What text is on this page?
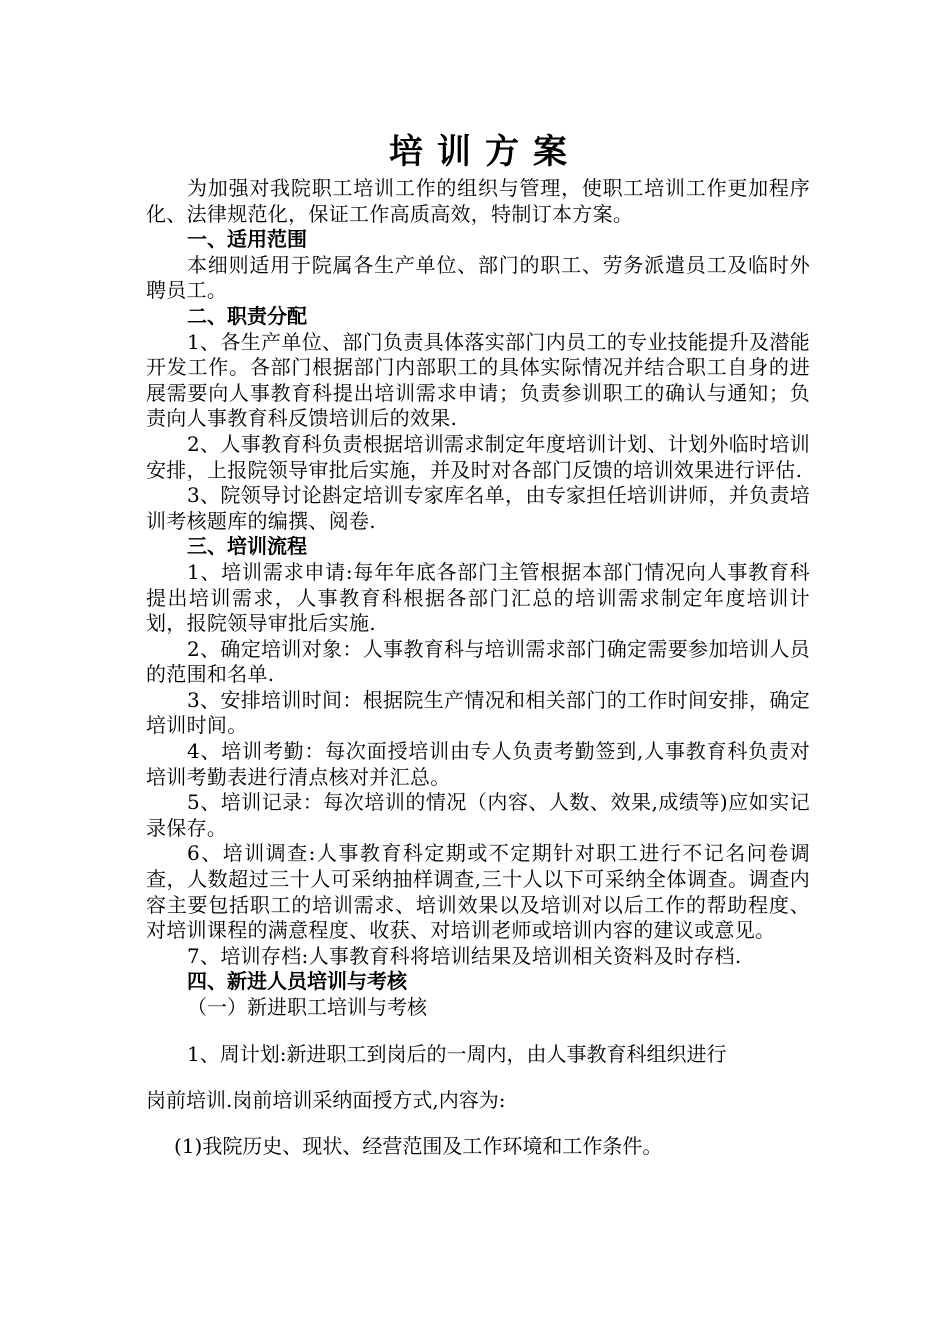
培训方案

为加强对我院职工培训工作的组织与管理，使职工培训工作更加程序化、法律规范化，保证工作高质高效，特制订本方案。

一、适用范围

本细则适用于院属各生产单位、部门的职工、劳务派遣员工及临时外聘员工。

二、职责分配

1、各生产单位、部门负责具体落实部门内员工的专业技能提升及潜能开发工作。各部门根据部门内部职工的具体实际情况并结合职工自身的进展需要向人事教育科提出培训需求申请；负责参训职工的确认与通知；负责向人事教育科反馈培训后的效果.

2、人事教育科负责根据培训需求制定年度培训计划、计划外临时培训安排，上报院领导审批后实施，并及时对各部门反馈的培训效果进行评估.

3、院领导讨论斟定培训专家库名单，由专家担任培训讲师，并负责培训考核题库的编撰、阅卷.

三、培训流程

1、培训需求申请:每年年底各部门主管根据本部门情况向人事教育科提出培训需求，人事教育科根据各部门汇总的培训需求制定年度培训计划，报院领导审批后实施.

2、确定培训对象：人事教育科与培训需求部门确定需要参加培训人员的范围和名单.

3、安排培训时间：根据院生产情况和相关部门的工作时间安排，确定培训时间。

4、培训考勤：每次面授培训由专人负责考勤签到,人事教育科负责对培训考勤表进行清点核对并汇总。

5、培训记录：每次培训的情况（内容、人数、效果,成绩等)应如实记录保存。

6、培训调查:人事教育科定期或不定期针对职工进行不记名问卷调查，人数超过三十人可采纳抽样调查,三十人以下可采纳全体调查。调查内容主要包括职工的培训需求、培训效果以及培训对以后工作的帮助程度、对培训课程的满意程度、收获、对培训老师或培训内容的建议或意见。

7、培训存档:人事教育科将培训结果及培训相关资料及时存档.

四、新进人员培训与考核

（一）新进职工培训与考核

1、周计划:新进职工到岗后的一周内，由人事教育科组织进行

岗前培训.岗前培训采纳面授方式,内容为:

(1)我院历史、现状、经营范围及工作环境和工作条件。
